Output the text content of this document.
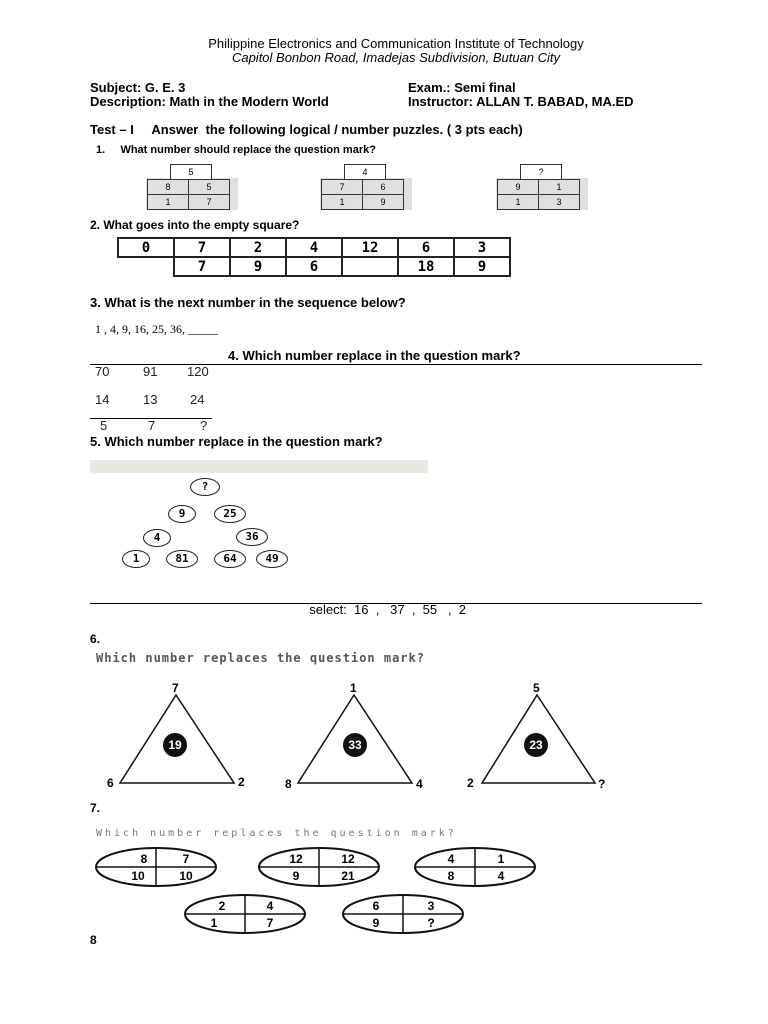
Philippine Electronics and Communication Institute of Technology
Capitol Bonbon Road, Imadejas Subdivision, Butuan City
Subject: G. E. 3	Exam.: Semi final
Description: Math in the Modern World	Instructor: ALLAN T. BABAD, MA.ED
Test – I     Answer  the following logical / number puzzles. ( 3 pts each)
1.     What number should replace the question mark?
5
8	5
1	7
4
7	6
1	9
?
9	1
1	3
2. What goes into the empty square?
0	7	2	4	12	6	3
	7	9	6		18	9
3. What is the next number in the sequence below?
1 , 4, 9, 16, 25, 36, _____
4. Which number replace in the question mark?
70	91 120
14	13	24
5	7	?
5. Which number replace in the question mark?
?
9	25
4	36
1	81	64	49

select:  16  ,   37  ,  55   ,  2

6.
Which number replaces the question mark?
7
6	2
19
1
8	4
33
5
2	?
23
7.
Which number replaces the question mark?
8	7
10	10
12	12
9	21
4	1
8	4
2	4
1	7
6	3
9	?
8
